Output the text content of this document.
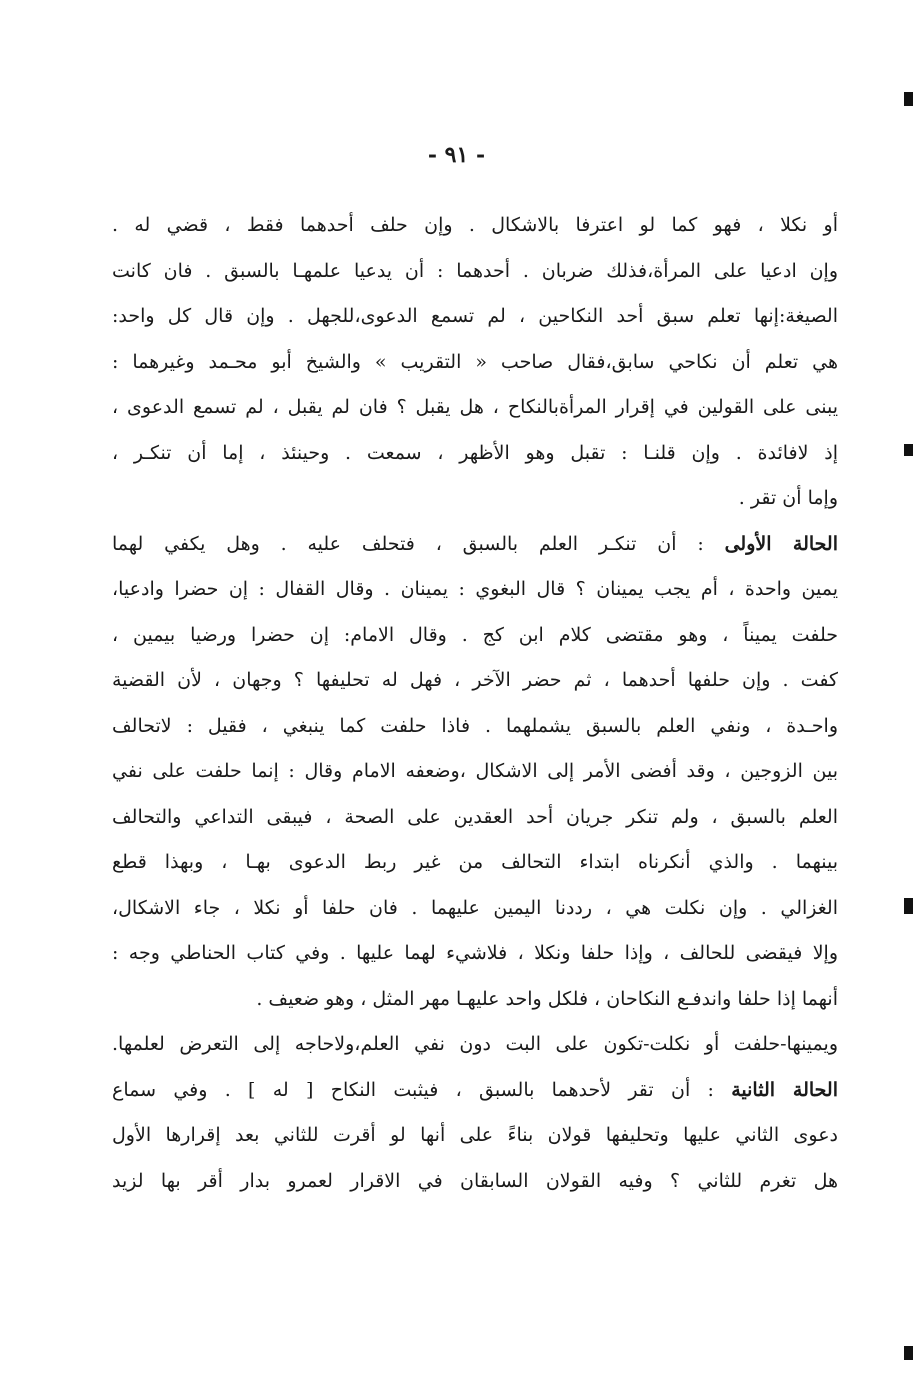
- ٩١ -
أو نكلا ، فهو كما لو اعترفا بالاشكال . وإن حلف أحدهما فقط ، قضي له .
وإن ادعيا على المرأة،فذلك ضربان . أحدهما : أن يدعيا علمهـا بالسبق . فان كانت
الصيغة:إنها تعلم سبق أحد النكاحين ، لم تسمع الدعوى،للجهل . وإن قال كل واحد:
هي تعلم أن نكاحي سابق،فقال صاحب « التقريب » والشيخ أبو محـمد وغيرهما :
يبنى على القولين في إقرار المرأةبالنكاح ، هل يقبل ؟ فان لم يقبل ، لم تسمع الدعوى ،
إذ لافائدة . وإن قلنـا : تقبل وهو الأظهر ، سمعت . وحينئذ ، إما أن تنكـر ،
وإما أن تقر .
الحالة الأولى : أن تنكـر العلم بالسبق ، فتحلف عليه . وهل يكفي لهما
يمين واحدة ، أم يجب يمينان ؟ قال البغوي : يمينان . وقال القفال : إن حضرا وادعيا،
حلفت يميناً ، وهو مقتضى كلام ابن كج . وقال الامام: إن حضرا ورضيا بيمين ،
كفت . وإن حلفها أحدهما ، ثم حضر الآخر ، فهل له تحليفها ؟ وجهان ، لأن القضية
واحـدة ، ونفي العلم بالسبق يشملهما . فاذا حلفت كما ينبغي ، فقيل : لاتحالف
بين الزوجين ، وقد أفضى الأمر إلى الاشكال ،وضعفه الامام وقال : إنما حلفت على نفي
العلم بالسبق ، ولم تنكر جريان أحد العقدين على الصحة ، فيبقى التداعي والتحالف
بينهما . والذي أنكرناه ابتداء التحالف من غير ربط الدعوى بهـا ، وبهذا قطع
الغزالي . وإن نكلت هي ، رددنا اليمين عليهما . فان حلفا أو نكلا ، جاء الاشكال،
وإلا فيقضى للحالف ، وإذا حلفا ونكلا ، فلاشيء لهما عليها . وفي كتاب الحناطي وجه :
أنهما إذا حلفا واندفـع النكاحان ، فلكل واحد عليهـا مهر المثل ، وهو ضعيف .
ويمينها-حلفت أو نكلت-تكون على البت دون نفي العلم،ولاحاجه إلى التعرض لعلمها.
الحالة الثانية : أن تقر لأحدهما بالسبق ، فيثبت النكاح [ له ] . وفي سماع
دعوى الثاني عليها وتحليفها قولان بناءً على أنها لو أقرت للثاني بعد إقرارها الأول
هل تغرم للثاني ؟ وفيه القولان السابقان في الاقرار لعمرو بدار أقر بها لزيد
